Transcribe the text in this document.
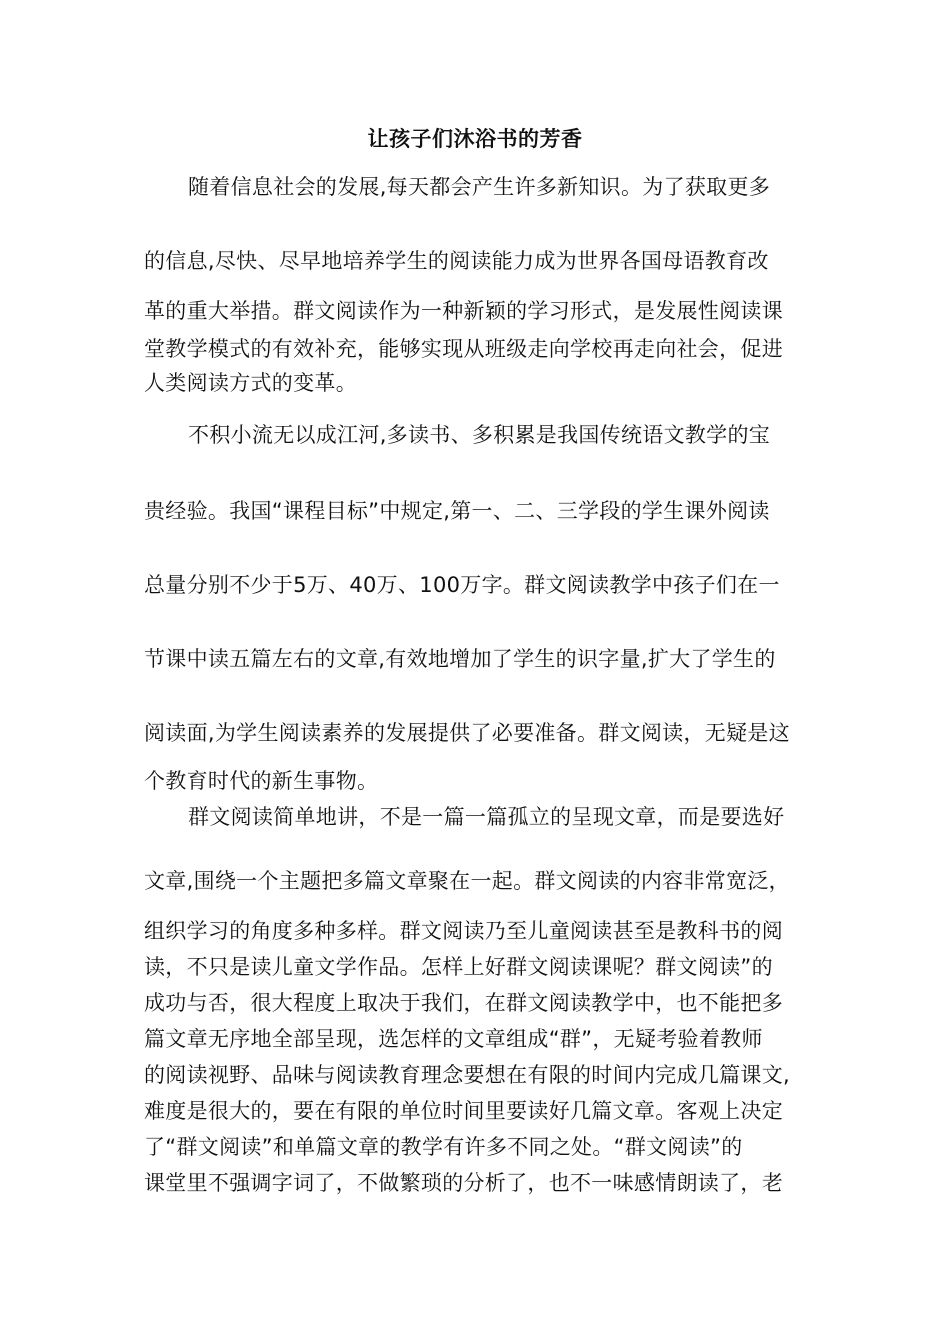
让孩子们沐浴书的芳香
随着信息社会的发展,每天都会产生许多新知识。为了获取更多
的信息,尽快、尽早地培养学生的阅读能力成为世界各国母语教育改
革的重大举措。群文阅读作为一种新颖的学习形式，是发展性阅读课
堂教学模式的有效补充，能够实现从班级走向学校再走向社会，促进
人类阅读方式的变革。
不积小流无以成江河,多读书、多积累是我国传统语文教学的宝
贵经验。我国“课程目标”中规定,第一、二、三学段的学生课外阅读
总量分别不少于5万、40万、100万字。群文阅读教学中孩子们在一
节课中读五篇左右的文章,有效地增加了学生的识字量,扩大了学生的
阅读面,为学生阅读素养的发展提供了必要准备。群文阅读，无疑是这
个教育时代的新生事物。
群文阅读简单地讲，不是一篇一篇孤立的呈现文章，而是要选好
文章,围绕一个主题把多篇文章聚在一起。群文阅读的内容非常宽泛，
组织学习的角度多种多样。群文阅读乃至儿童阅读甚至是教科书的阅
读，不只是读儿童文学作品。怎样上好群文阅读课呢？群文阅读”的
成功与否，很大程度上取决于我们，在群文阅读教学中，也不能把多
篇文章无序地全部呈现，选怎样的文章组成“群”，无疑考验着教师
的阅读视野、品味与阅读教育理念要想在有限的时间内完成几篇课文,
难度是很大的，要在有限的单位时间里要读好几篇文章。客观上决定
了“群文阅读”和单篇文章的教学有许多不同之处。“群文阅读”的
课堂里不强调字词了，不做繁琐的分析了，也不一味感情朗读了，老
